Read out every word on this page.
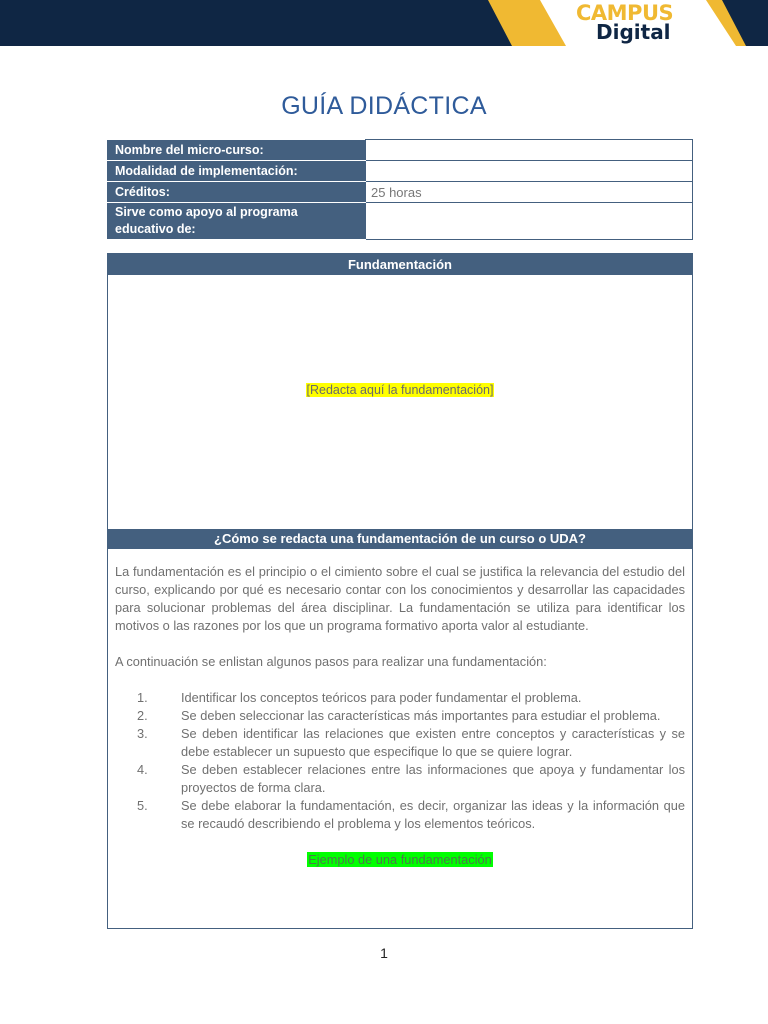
CAMPUS
Digital
GUÍA DIDÁCTICA
Nombre del micro-curso:	
Modalidad de implementación:	
Créditos:	25 horas
Sirve como apoyo al programa educativo de:	
Fundamentación
[Redacta aquí la fundamentación]
¿Cómo se redacta una fundamentación de un curso o UDA?

La fundamentación es el principio o el cimiento sobre el cual se justifica la relevancia del estudio del curso, explicando por qué es necesario contar con los conocimientos y desarrollar las capacidades para solucionar problemas del área disciplinar. La fundamentación se utiliza para identificar los motivos o las razones por los que un programa formativo aporta valor al estudiante.

A continuación se enlistan algunos pasos para realizar una fundamentación:

1.	Identificar los conceptos teóricos para poder fundamentar el problema.
2.	Se deben seleccionar las características más importantes para estudiar el problema.
3.	Se deben identificar las relaciones que existen entre conceptos y características y se debe establecer un supuesto que especifique lo que se quiere lograr.
4.	Se deben establecer relaciones entre las informaciones que apoya y fundamentar los proyectos de forma clara.
5.	Se debe elaborar la fundamentación, es decir, organizar las ideas y la información que se recaudó describiendo el problema y los elementos teóricos.
Ejemplo de una fundamentación
1
